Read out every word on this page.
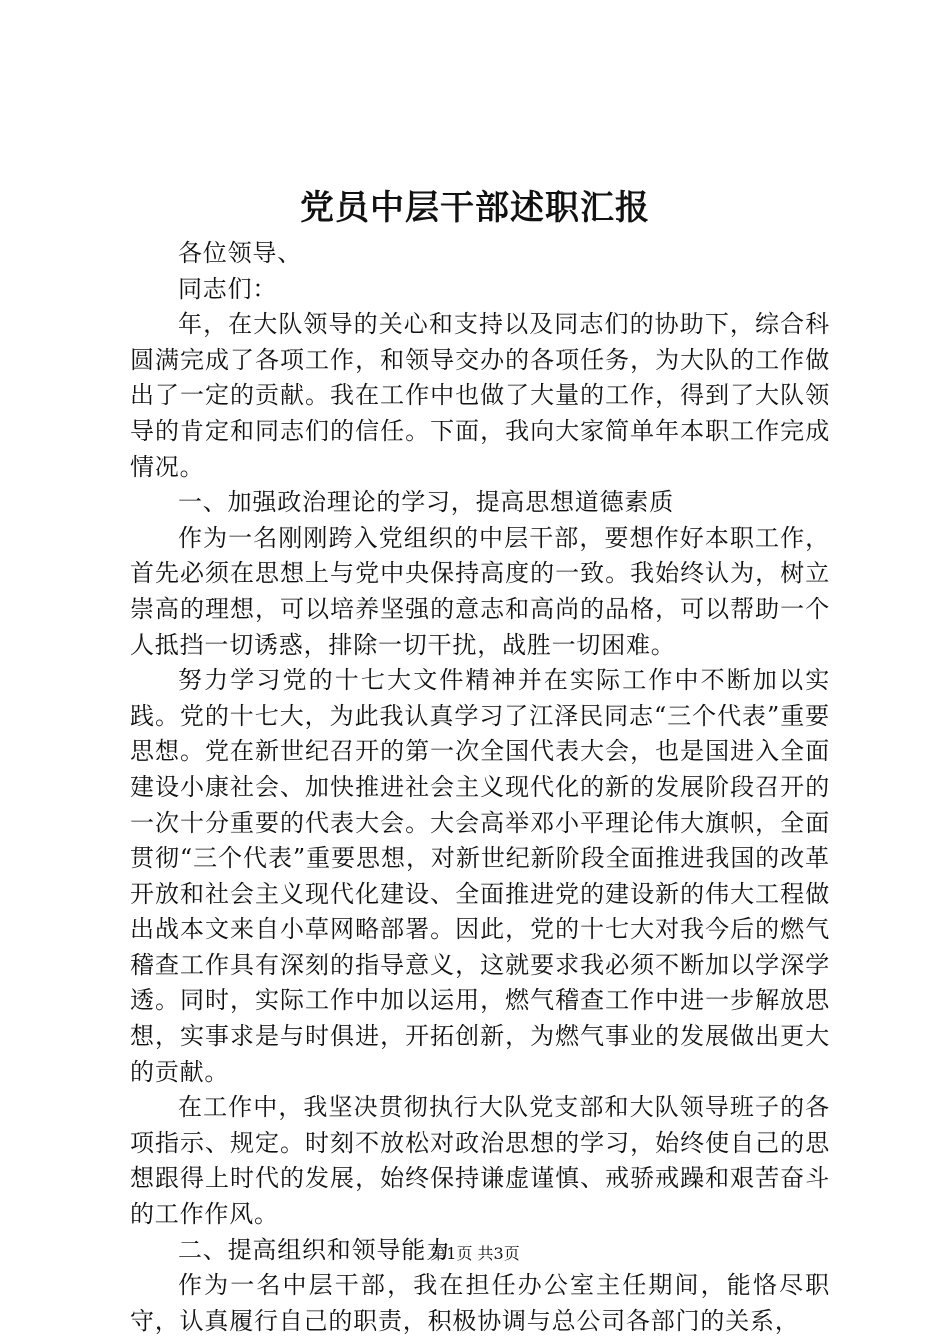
党员中层干部述职汇报

各位领导、

同志们：

年，在大队领导的关心和支持以及同志们的协助下，综合科圆满完成了各项工作，和领导交办的各项任务，为大队的工作做出了一定的贡献。我在工作中也做了大量的工作，得到了大队领导的肯定和同志们的信任。下面，我向大家简单年本职工作完成情况。

一、加强政治理论的学习，提高思想道德素质

作为一名刚刚跨入党组织的中层干部，要想作好本职工作，首先必须在思想上与党中央保持高度的一致。我始终认为，树立崇高的理想，可以培养坚强的意志和高尚的品格，可以帮助一个人抵挡一切诱惑，排除一切干扰，战胜一切困难。

努力学习党的十七大文件精神并在实际工作中不断加以实践。党的十七大，为此我认真学习了江泽民同志“三个代表”重要思想。党在新世纪召开的第一次全国代表大会，也是国进入全面建设小康社会、加快推进社会主义现代化的新的发展阶段召开的一次十分重要的代表大会。大会高举邓小平理论伟大旗帜，全面贯彻“三个代表”重要思想，对新世纪新阶段全面推进我国的改革开放和社会主义现代化建设、全面推进党的建设新的伟大工程做出战本文来自小草网略部署。因此，党的十七大对我今后的燃气稽查工作具有深刻的指导意义，这就要求我必须不断加以学深学透。同时，实际工作中加以运用，燃气稽查工作中进一步解放思想，实事求是与时俱进，开拓创新，为燃气事业的发展做出更大的贡献。

在工作中，我坚决贯彻执行大队党支部和大队领导班子的各项指示、规定。时刻不放松对政治思想的学习，始终使自己的思想跟得上时代的发展，始终保持谦虚谨慎、戒骄戒躁和艰苦奋斗的工作作风。

二、提高组织和领导能力

作为一名中层干部，我在担任办公室主任期间，能恪尽职守，认真履行自己的职责，积极协调与总公司各部门的关系，

第1页 共3页
